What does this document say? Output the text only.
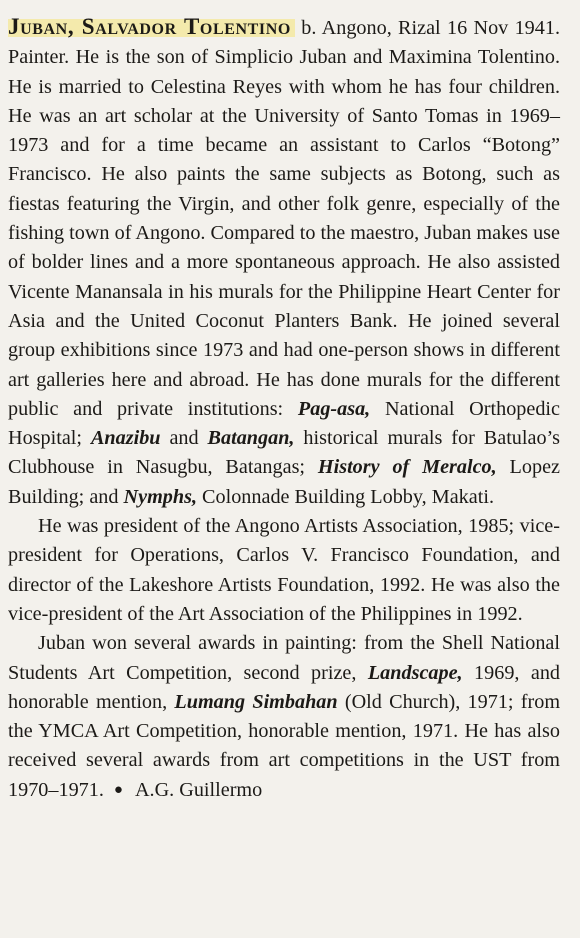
Juban, Salvador Tolentino b. Angono, Rizal 16 Nov 1941. Painter. He is the son of Simplicio Juban and Maximina Tolentino. He is married to Celestina Reyes with whom he has four children. He was an art scholar at the University of Santo Tomas in 1969–1973 and for a time became an assistant to Carlos “Botong” Francisco. He also paints the same subjects as Botong, such as fiestas featuring the Virgin, and other folk genre, especially of the fishing town of Angono. Compared to the maestro, Juban makes use of bolder lines and a more spontaneous approach. He also assisted Vicente Manansala in his murals for the Philippine Heart Center for Asia and the United Coconut Planters Bank. He joined several group exhibitions since 1973 and had one-person shows in different art galleries here and abroad. He has done murals for the different public and private institutions: Pag-asa, National Orthopedic Hospital; Anazibu and Batangan, historical murals for Batulao’s Clubhouse in Nasugbu, Batangas; History of Meralco, Lopez Building; and Nymphs, Colonnade Building Lobby, Makati.

He was president of the Angono Artists Association, 1985; vice-president for Operations, Carlos V. Francisco Foundation, and director of the Lakeshore Artists Foundation, 1992. He was also the vice-president of the Art Association of the Philippines in 1992.

Juban won several awards in painting: from the Shell National Students Art Competition, second prize, Landscape, 1969, and honorable mention, Lumang Simbahan (Old Church), 1971; from the YMCA Art Competition, honorable mention, 1971. He has also received several awards from art competitions in the UST from 1970–1971. ● A.G. Guillermo
